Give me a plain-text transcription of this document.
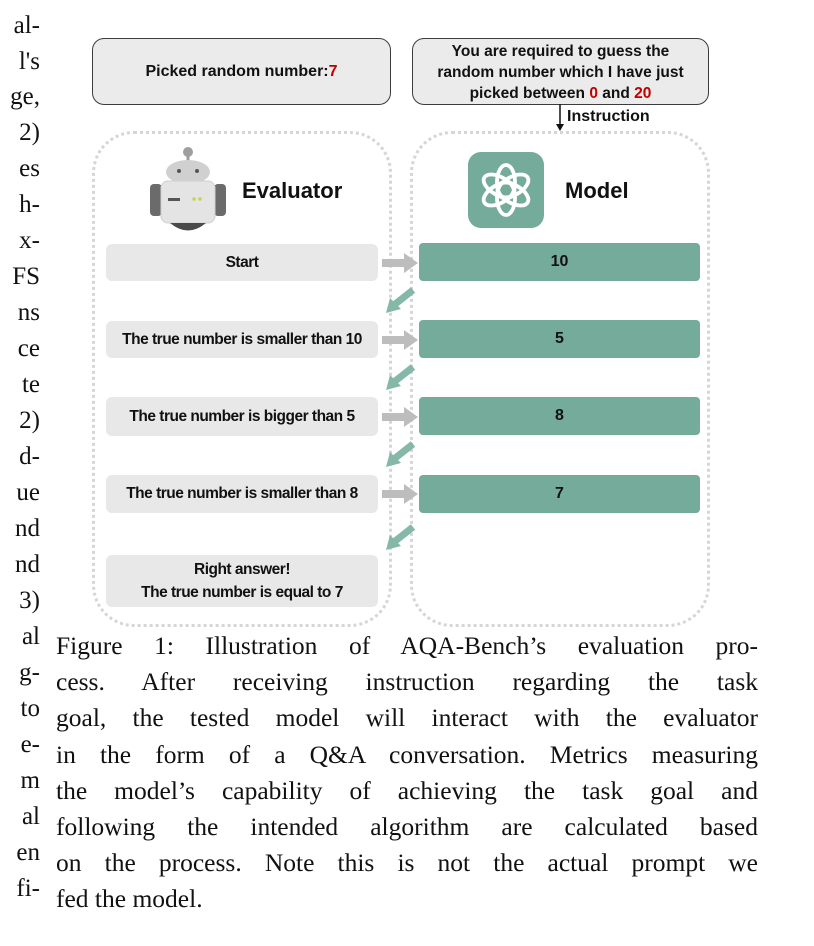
al-
l's
ge,
2)
es
h-
x-
FS
ns
ce
te
2)
d-
ue
nd
nd
3)
al
g-
to
e-
m
al
en
fi-
Picked random number: 7
You are required to guess the
random number which I have just
picked between 0 and 20
Instruction
Evaluator	Model
Start
The true number is smaller than 10
The true number is bigger than 5
The true number is smaller than 8
Right answer!
The true number is equal to 7
10
5
8
7
Figure 1: Illustration of AQA-Bench’s evaluation pro-
cess. After receiving instruction regarding the task
goal, the tested model will interact with the evaluator
in the form of a Q&A conversation. Metrics measuring
the model’s capability of achieving the task goal and
following the intended algorithm are calculated based
on the process. Note this is not the actual prompt we
fed the model.
